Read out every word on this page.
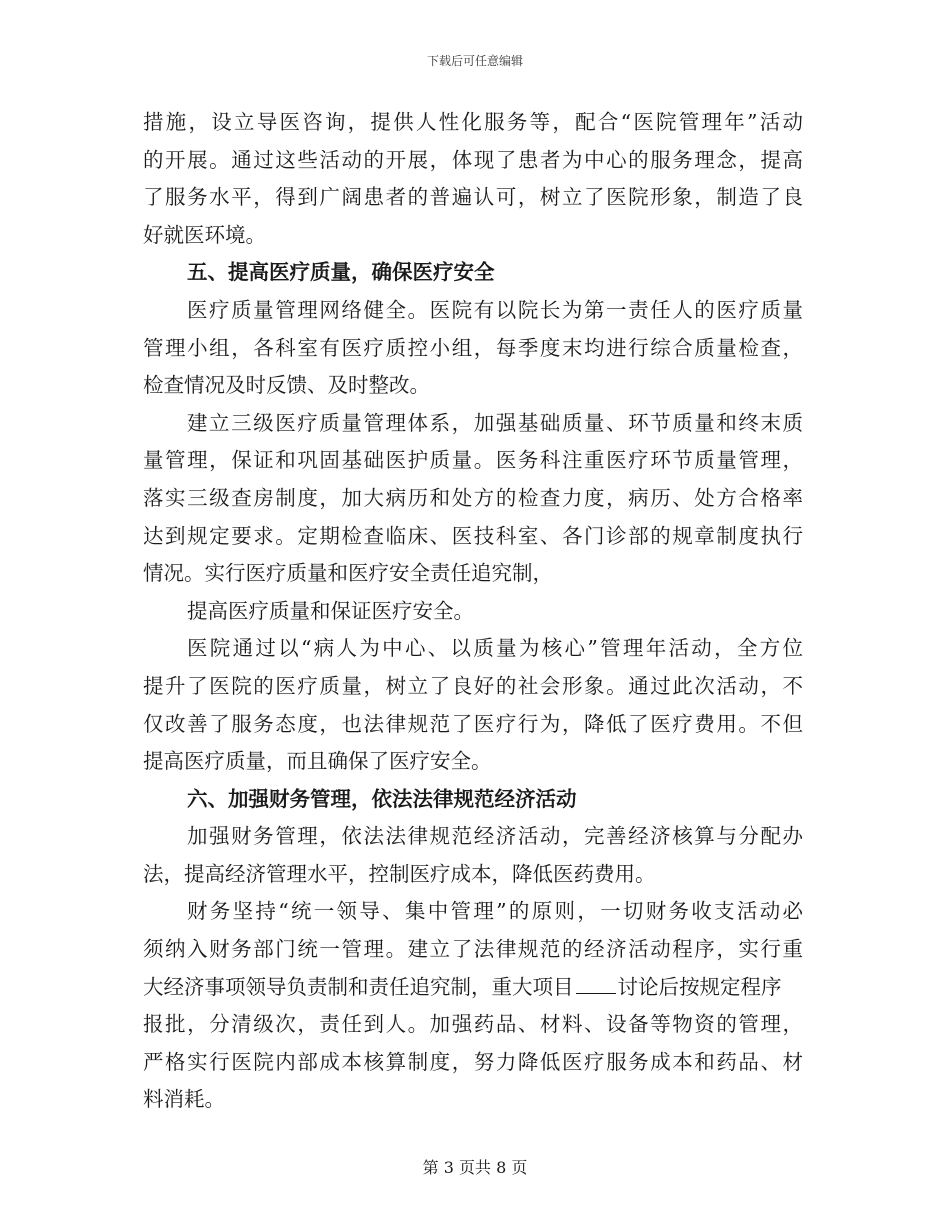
下载后可任意编辑
措施，设立导医咨询，提供人性化服务等，配合“医院管理年”活动
的开展。通过这些活动的开展，体现了患者为中心的服务理念，提高
了服务水平，得到广阔患者的普遍认可，树立了医院形象，制造了良
好就医环境。
五、提高医疗质量，确保医疗安全
医疗质量管理网络健全。医院有以院长为第一责任人的医疗质量
管理小组，各科室有医疗质控小组，每季度末均进行综合质量检查，
检查情况及时反馈、及时整改。
建立三级医疗质量管理体系，加强基础质量、环节质量和终末质
量管理，保证和巩固基础医护质量。医务科注重医疗环节质量管理，
落实三级查房制度，加大病历和处方的检查力度，病历、处方合格率
达到规定要求。定期检查临床、医技科室、各门诊部的规章制度执行
情况。实行医疗质量和医疗安全责任追究制，
提高医疗质量和保证医疗安全。
医院通过以“病人为中心、以质量为核心”管理年活动，全方位
提升了医院的医疗质量，树立了良好的社会形象。通过此次活动，不
仅改善了服务态度，也法律规范了医疗行为，降低了医疗费用。不但
提高医疗质量，而且确保了医疗安全。
六、加强财务管理，依法法律规范经济活动
加强财务管理，依法法律规范经济活动，完善经济核算与分配办
法，提高经济管理水平，控制医疗成本，降低医药费用。
财务坚持“统一领导、集中管理”的原则，一切财务收支活动必
须纳入财务部门统一管理。建立了法律规范的经济活动程序，实行重
大经济事项领导负责制和责任追究制，重大项目 讨论后按规定程序
报批，分清级次，责任到人。加强药品、材料、设备等物资的管理，
严格实行医院内部成本核算制度，努力降低医疗服务成本和药品、材
料消耗。
第 3 页共 8 页
